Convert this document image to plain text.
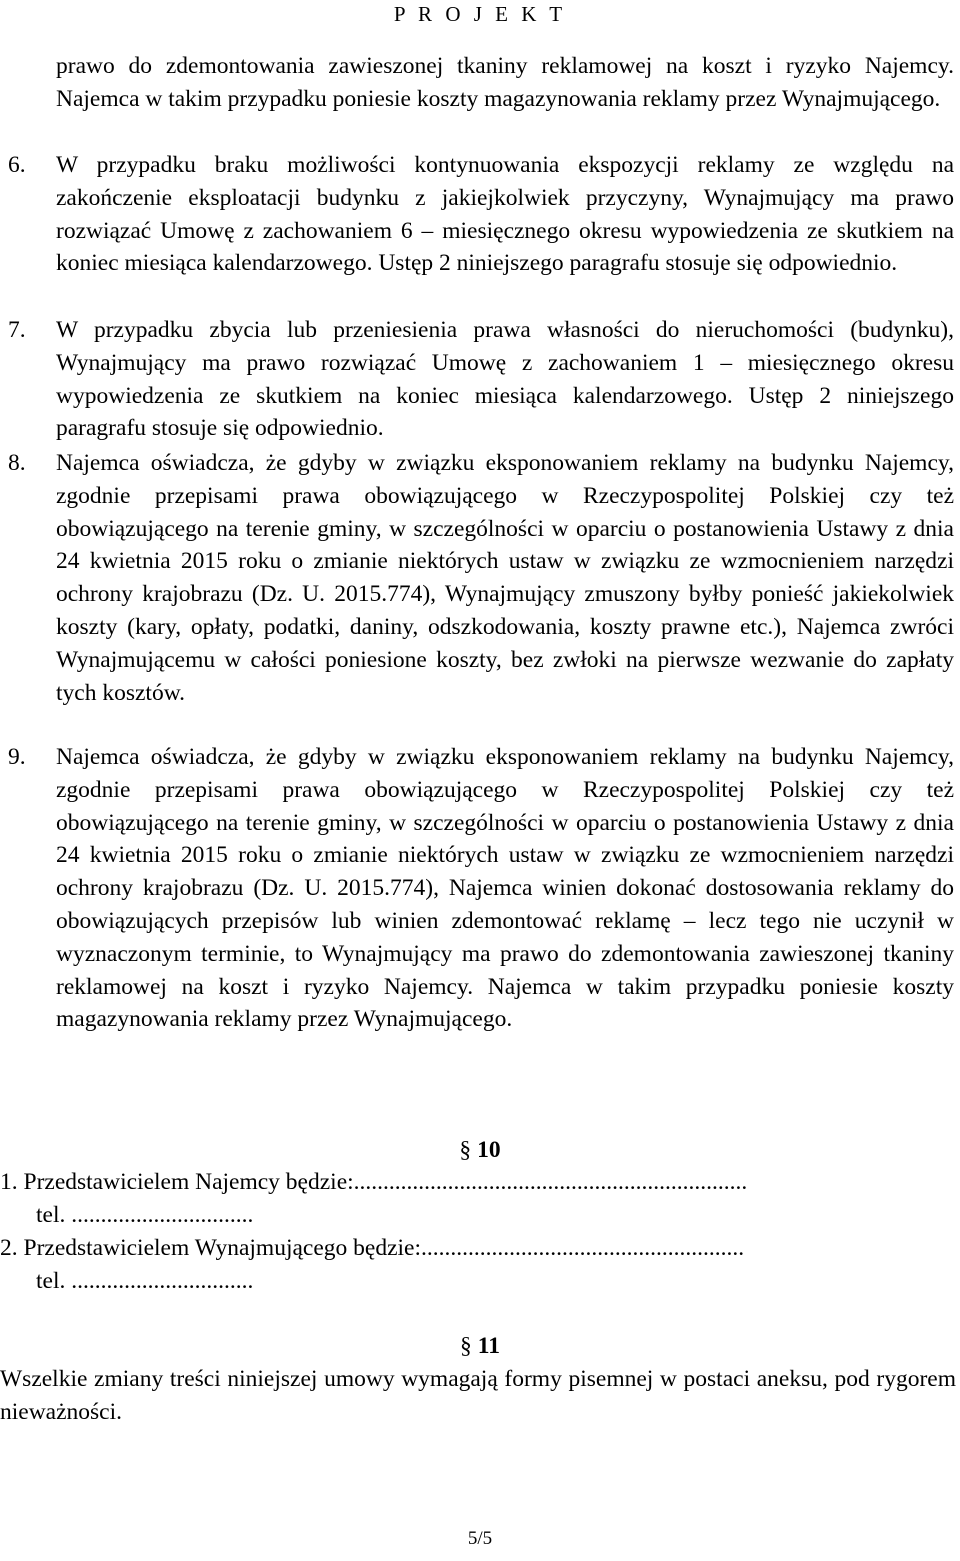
P R O J E K T
prawo do zdemontowania zawieszonej tkaniny reklamowej na koszt i ryzyko Najemcy. Najemca w takim przypadku poniesie koszty magazynowania reklamy przez Wynajmującego.
6.	W przypadku braku możliwości kontynuowania ekspozycji reklamy ze względu na zakończenie eksploatacji budynku z jakiejkolwiek przyczyny, Wynajmujący ma prawo rozwiązać Umowę z zachowaniem 6 – miesięcznego okresu wypowiedzenia ze skutkiem na koniec miesiąca kalendarzowego. Ustęp 2 niniejszego paragrafu stosuje się odpowiednio.
7.	W przypadku zbycia lub przeniesienia prawa własności do nieruchomości (budynku), Wynajmujący ma prawo rozwiązać Umowę z zachowaniem 1 – miesięcznego okresu wypowiedzenia ze skutkiem na koniec miesiąca kalendarzowego. Ustęp 2 niniejszego paragrafu stosuje się odpowiednio.
8.	Najemca oświadcza, że gdyby w związku eksponowaniem reklamy na budynku Najemcy, zgodnie przepisami prawa obowiązującego w Rzeczypospolitej Polskiej czy też obowiązującego na terenie gminy, w szczególności w oparciu o postanowienia Ustawy z dnia 24 kwietnia 2015 roku o zmianie niektórych ustaw w związku ze wzmocnieniem narzędzi ochrony krajobrazu (Dz. U. 2015.774), Wynajmujący zmuszony byłby ponieść jakiekolwiek koszty (kary, opłaty, podatki, daniny, odszkodowania, koszty prawne etc.), Najemca zwróci Wynajmującemu w całości poniesione koszty, bez zwłoki na pierwsze wezwanie do zapłaty tych kosztów.
9.	Najemca oświadcza, że gdyby w związku eksponowaniem reklamy na budynku Najemcy, zgodnie przepisami prawa obowiązującego w Rzeczypospolitej Polskiej czy też obowiązującego na terenie gminy, w szczególności w oparciu o postanowienia Ustawy z dnia 24 kwietnia 2015 roku o zmianie niektórych ustaw w związku ze wzmocnieniem narzędzi ochrony krajobrazu (Dz. U. 2015.774), Najemca winien dokonać dostosowania reklamy do obowiązujących przepisów lub winien zdemontować reklamę – lecz tego nie uczynił w wyznaczonym terminie, to Wynajmujący ma prawo do zdemontowania zawieszonej tkaniny reklamowej na koszt i ryzyko Najemcy. Najemca w takim przypadku poniesie koszty magazynowania reklamy przez Wynajmującego.
§ 10
1. Przedstawicielem Najemcy będzie:...................................................................
tel. ...............................
2. Przedstawicielem Wynajmującego będzie:.......................................................
tel. ...............................
§ 11
Wszelkie zmiany treści niniejszej umowy wymagają formy pisemnej w postaci aneksu, pod rygorem nieważności.
5/5
